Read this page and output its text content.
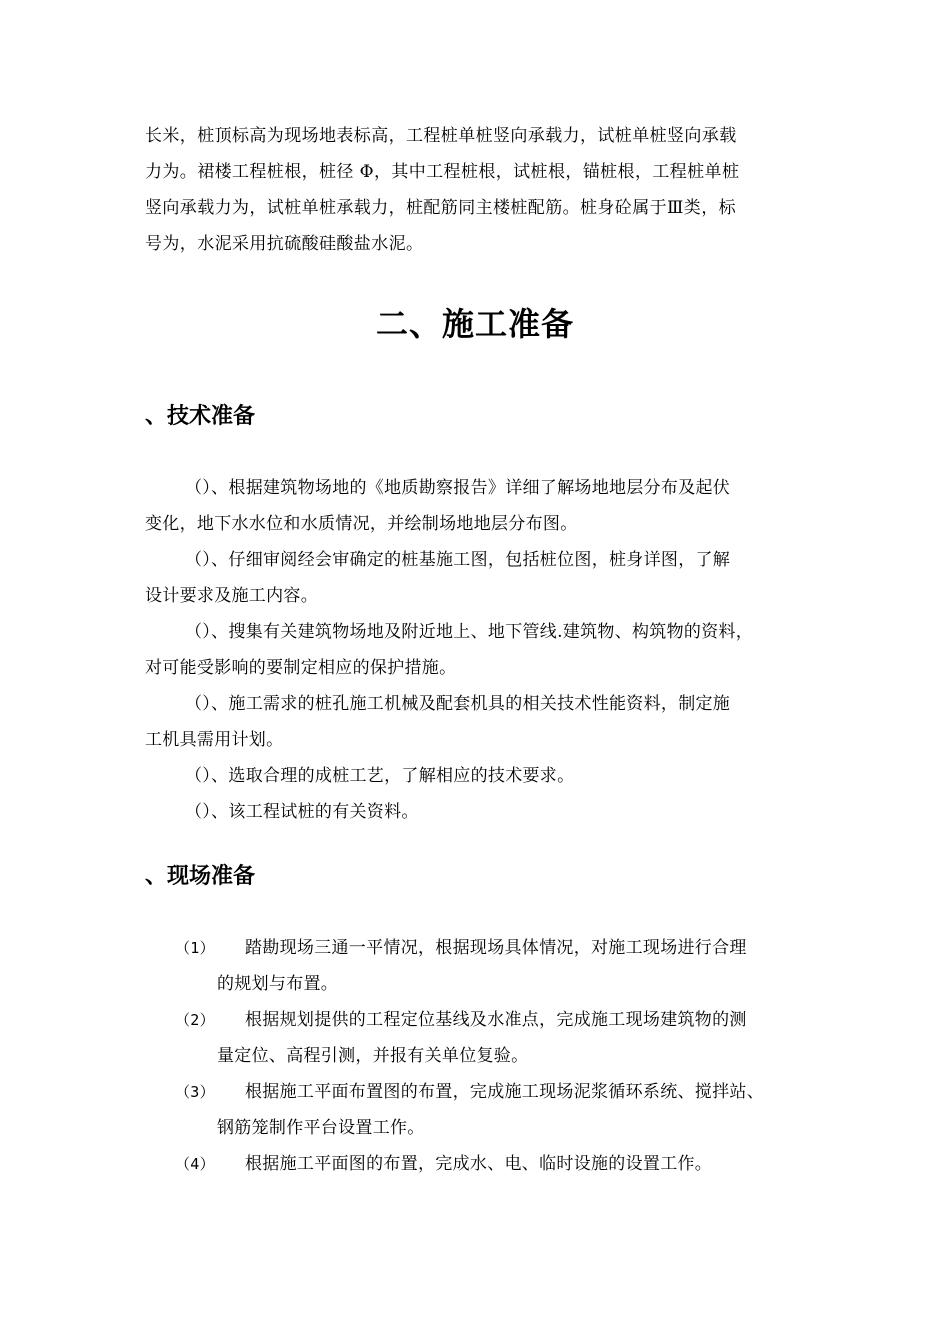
长米，桩顶标高为现场地表标高，工程桩单桩竖向承载力，试桩单桩竖向承载
力为。裙楼工程桩根，桩径 Φ，其中工程桩根，试桩根，锚桩根，工程桩单桩
竖向承载力为，试桩单桩承载力，桩配筋同主楼桩配筋。桩身砼属于Ⅲ类，标
号为，水泥采用抗硫酸硅酸盐水泥。

二、施工准备
、技术准备
（）、根据建筑物场地的《地质勘察报告》详细了解场地地层分布及起伏
变化，地下水水位和水质情况，并绘制场地地层分布图。
（）、仔细审阅经会审确定的桩基施工图，包括桩位图，桩身详图，了解
设计要求及施工内容。
（）、搜集有关建筑物场地及附近地上、地下管线.建筑物、构筑物的资料，
对可能受影响的要制定相应的保护措施。
（）、施工需求的桩孔施工机械及配套机具的相关技术性能资料，制定施
工机具需用计划。
（）、选取合理的成桩工艺，了解相应的技术要求。
（）、该工程试桩的有关资料。
、现场准备
（1） 踏勘现场三通一平情况，根据现场具体情况，对施工现场进行合理
的规划与布置。
（2） 根据规划提供的工程定位基线及水准点，完成施工现场建筑物的测
量定位、高程引测，并报有关单位复验。
（3） 根据施工平面布置图的布置，完成施工现场泥浆循环系统、搅拌站、
钢筋笼制作平台设置工作。
（4） 根据施工平面图的布置，完成水、电、临时设施的设置工作。
